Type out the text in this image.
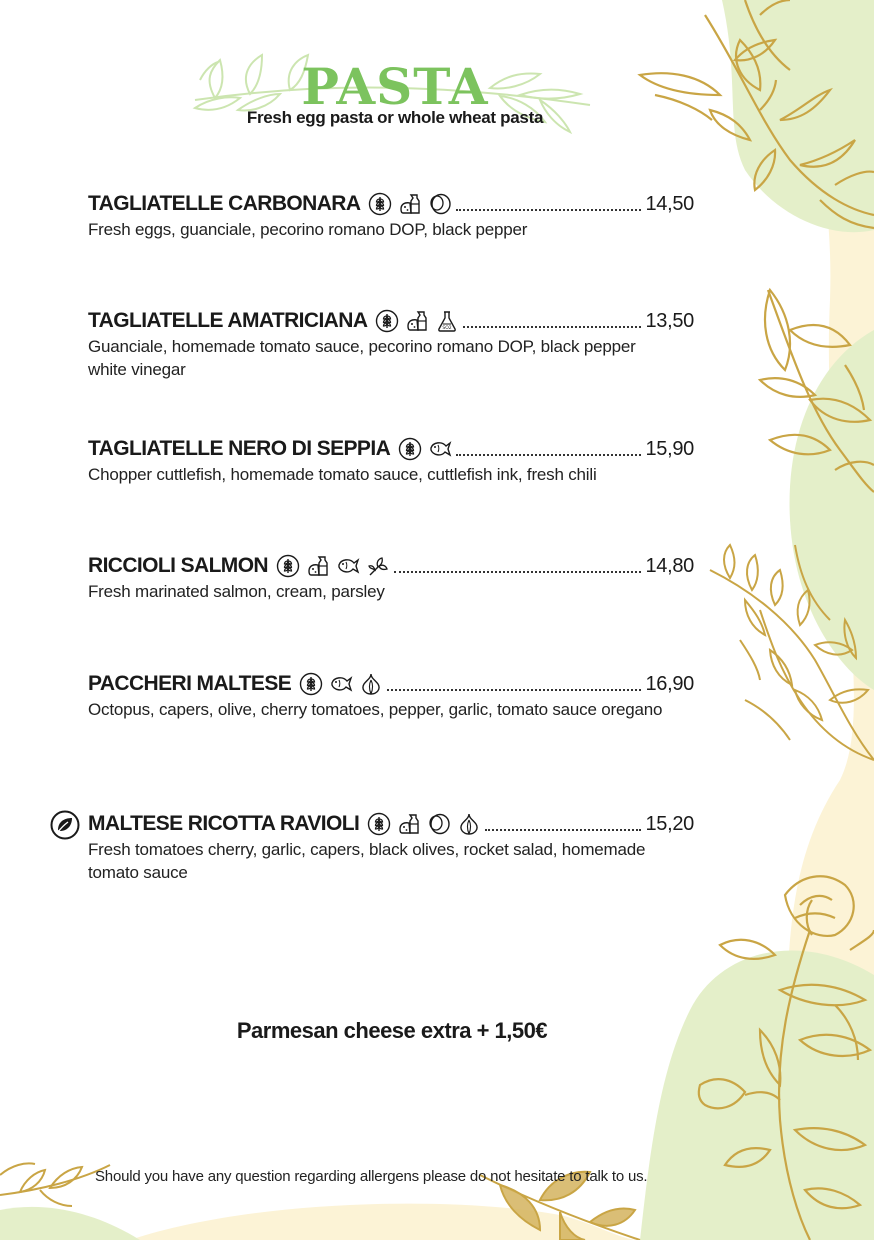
PASTA
Fresh egg pasta or whole wheat pasta
TAGLIATELLE CARBONARA	14,50
Fresh eggs, guanciale, pecorino romano DOP, black pepper
TAGLIATELLE AMATRICIANA	13,50
Guanciale, homemade tomato sauce, pecorino romano DOP, black pepper white vinegar
TAGLIATELLE NERO DI SEPPIA	15,90
Chopper cuttlefish, homemade tomato sauce, cuttlefish ink, fresh chili
RICCIOLI SALMON	14,80
Fresh marinated salmon, cream, parsley
PACCHERI MALTESE	16,90
Octopus, capers, olive, cherry tomatoes, pepper, garlic, tomato sauce oregano
MALTESE RICOTTA RAVIOLI	15,20
Fresh tomatoes cherry, garlic, capers, black olives, rocket salad, homemade tomato sauce
Parmesan cheese extra + 1,50€
Should you have any question regarding allergens please do not hesitate to talk to us.
